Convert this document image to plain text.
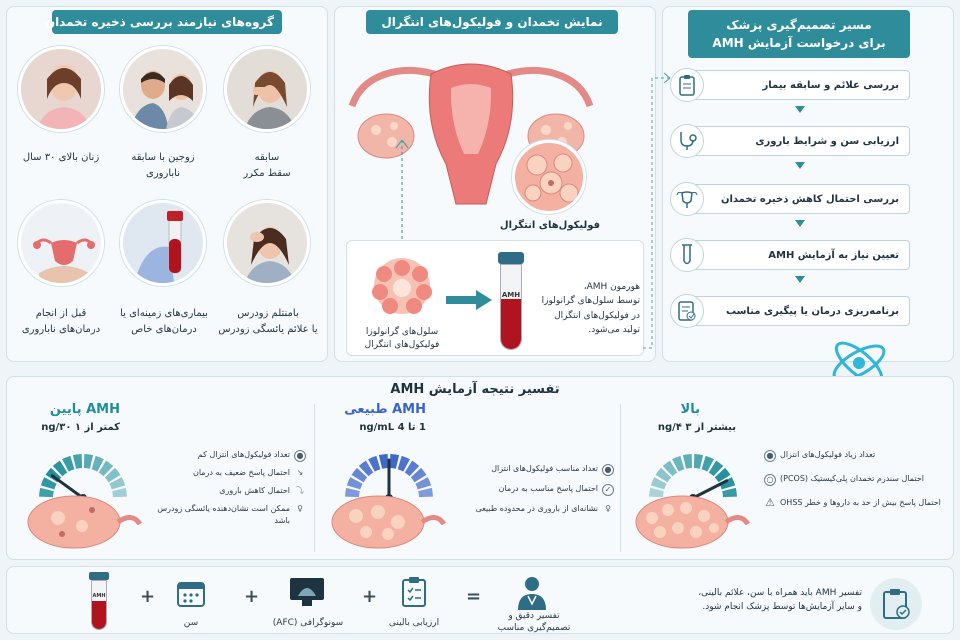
گروه‌های نیازمند بررسی ذخیره تخمدان
زنان بالای ۳۰ سال	زوجین با سابقه
ناباروری
سابقه
سقط مکرر
قبل از انجام
درمان‌های ناباروری
بیماری‌های زمینه‌ای یا
درمان‌های خاص
بامنتلم زودرس
یا علائم یائسگی زودرس
نمایش تخمدان و فولیکول‌های انتگرال
فولیکول‌های انتگرال
سلول‌های گرانولوزا
فولیکول‌های انتگرال
AMH
هورمون AMH،
توسط سلول‌های گرانولوزا
در فولیکول‌های انتگرال
تولید می‌شود.
مسیر تصمیم‌گیری پزشک
برای درخواست آزمایش AMH
بررسی علائم و سابقه بیمار
ارزیابی سن و شرایط باروری
بررسی احتمال کاهش ذخیره تخمدان
تعیین نیاز به آزمایش AMH
برنامه‌ریزی درمان یا پیگیری مناسب
تفسیر نتیجه آزمایش AMH
AMH پایین
کمتر از ۱ ng/۳۰
●
تعداد فولیکول‌های انتزال کم
↘
احتمال پاسخ ضعیف به درمان
⤵
احتمال کاهش باروری
♀
ممکن است نشان‌دهنده یائسگی زودرس باشد
AMH طبیعی
1 تا 4 ng/mL
●
تعداد مناسب فولیکول‌های انتزال
✓
احتمال پاسخ مناسب به درمان
♀
نشانه‌ای از باروری در محدوده طبیعی
بالا
بیشتر از ۳ ng/۴
● تعداد زیاد فولیکول‌های انتزال
○ احتمال سندرم تخمدان پلی‌کیستیک (PCOS)
⚠ احتمال پاسخ بیش از حد به داروها و خطر OHSS
AMH +
سن
+
سونوگرافی (AFC)
+
ارزیابی بالینی
=
تفسیر دقیق و
تصمیم‌گیری مناسب
تفسیر AMH باید همراه با سن، علائم بالینی،
و سایر آزمایش‌ها توسط پزشک انجام شود.
